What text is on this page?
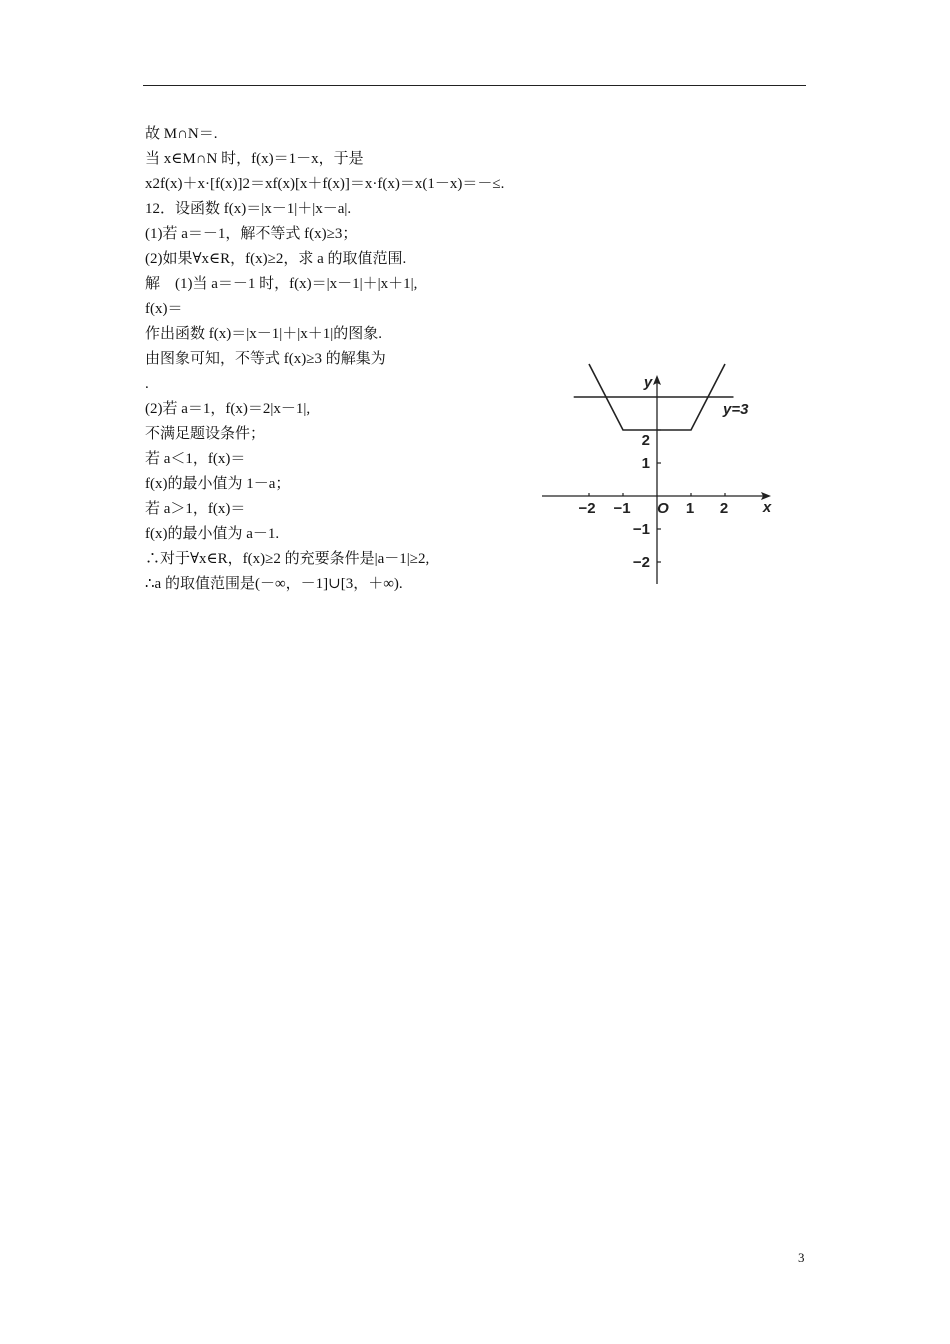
故 M∩N＝.
当 x∈M∩N 时，f(x)＝1－x，于是
x2f(x)＋x·[f(x)]2＝xf(x)[x＋f(x)]＝x·f(x)＝x(1－x)＝－≤.
12．设函数 f(x)＝|x－1|＋|x－a|.
(1)若 a＝－1，解不等式 f(x)≥3；
(2)如果∀x∈R，f(x)≥2，求 a 的取值范围.
解　(1)当 a＝－1 时，f(x)＝|x－1|＋|x＋1|,
f(x)＝
作出函数 f(x)＝|x－1|＋|x＋1|的图象.
由图象可知，不等式 f(x)≥3 的解集为
.
(2)若 a＝1，f(x)＝2|x－1|,
不满足题设条件；
若 a＜1，f(x)＝
f(x)的最小值为 1－a；
若 a＞1，f(x)＝
f(x)的最小值为 a－1.
∴对于∀x∈R，f(x)≥2 的充要条件是|a－1|≥2,
∴a 的取值范围是(－∞，－1]∪[3，＋∞).
−2 −1 O 1 2 x
y
2
1
−1
−2
y=3
3
